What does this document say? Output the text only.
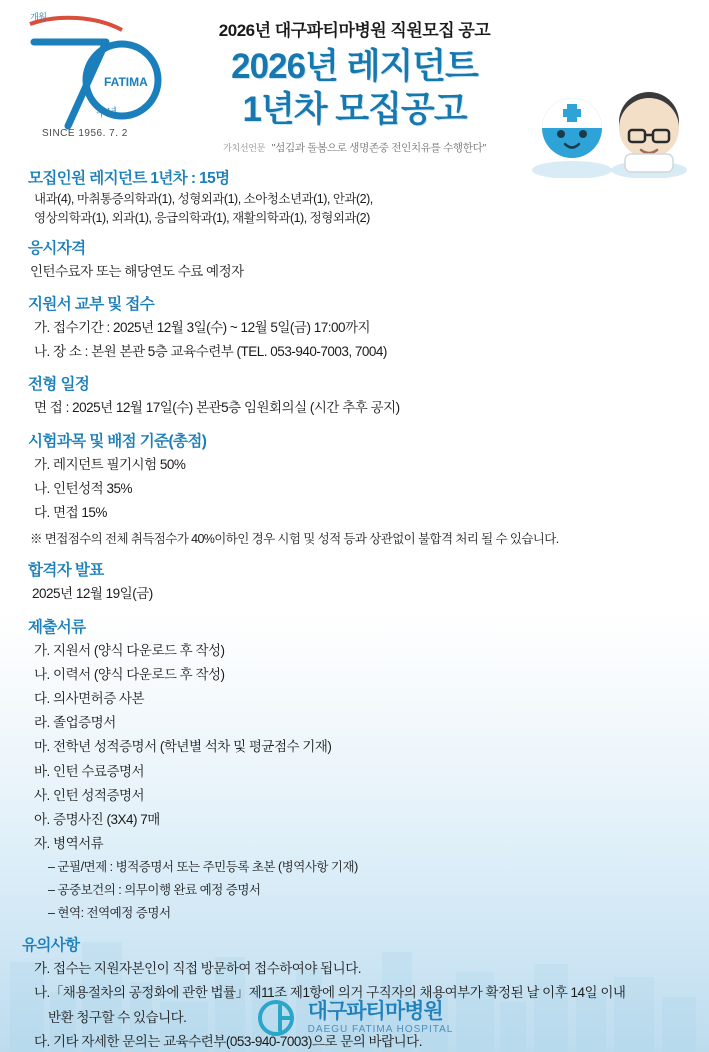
FATIMA
개원
주년
SINCE 1956. 7. 2
2026년 대구파티마병원 직원모집 공고
2026년 레지던트
1년차 모집공고
가치선언문 "섬김과 돌봄으로 생명존중 전인치유를 수행한다"
모집인원 레지던트 1년차 : 15명
내과(4), 마취통증의학과(1), 성형외과(1), 소아청소년과(1), 안과(2),
영상의학과(1), 외과(1), 응급의학과(1), 재활의학과(1), 정형외과(2)
응시자격
인턴수료자 또는 해당연도 수료 예정자
지원서 교부 및 접수
가. 접수기간 : 2025년 12월 3일(수) ~ 12월 5일(금) 17:00까지
나. 장 소 : 본원 본관 5층 교육수련부 (TEL. 053-940-7003, 7004)
전형 일정
면 접 : 2025년 12월 17일(수) 본관5층 임원회의실 (시간 추후 공지)
시험과목 및 배점 기준(총점)
가. 레지던트 필기시험 50%
나. 인턴성적 35%
다. 면접 15%
※ 면접점수의 전체 취득점수가 40%이하인 경우 시험 및 성적 등과 상관없이 불합격 처리 될 수 있습니다.
합격자 발표
2025년 12월 19일(금)
제출서류
가. 지원서 (양식 다운로드 후 작성)
나. 이력서 (양식 다운로드 후 작성)
다. 의사면허증 사본
라. 졸업증명서
마. 전학년 성적증명서 (학년별 석차 및 평균점수 기재)
바. 인턴 수료증명서
사. 인턴 성적증명서
아. 증명사진 (3X4) 7매
자. 병역서류
– 군필/면제 : 병적증명서 또는 주민등록 초본 (병역사항 기재)
– 공중보건의 : 의무이행 완료 예정 증명서
– 현역: 전역예정 증명서
유의사항
가. 접수는 지원자본인이 직접 방문하여 접수하여야 됩니다.
나.「채용절차의 공정화에 관한 법률」제11조 제1항에 의거 구직자의 채용여부가 확정된 날 이후 14일 이내
반환 청구할 수 있습니다.
다. 기타 자세한 문의는 교육수련부(053-940-7003)으로 문의 바랍니다.
대구파티마병원
DAEGU FATIMA HOSPITAL
